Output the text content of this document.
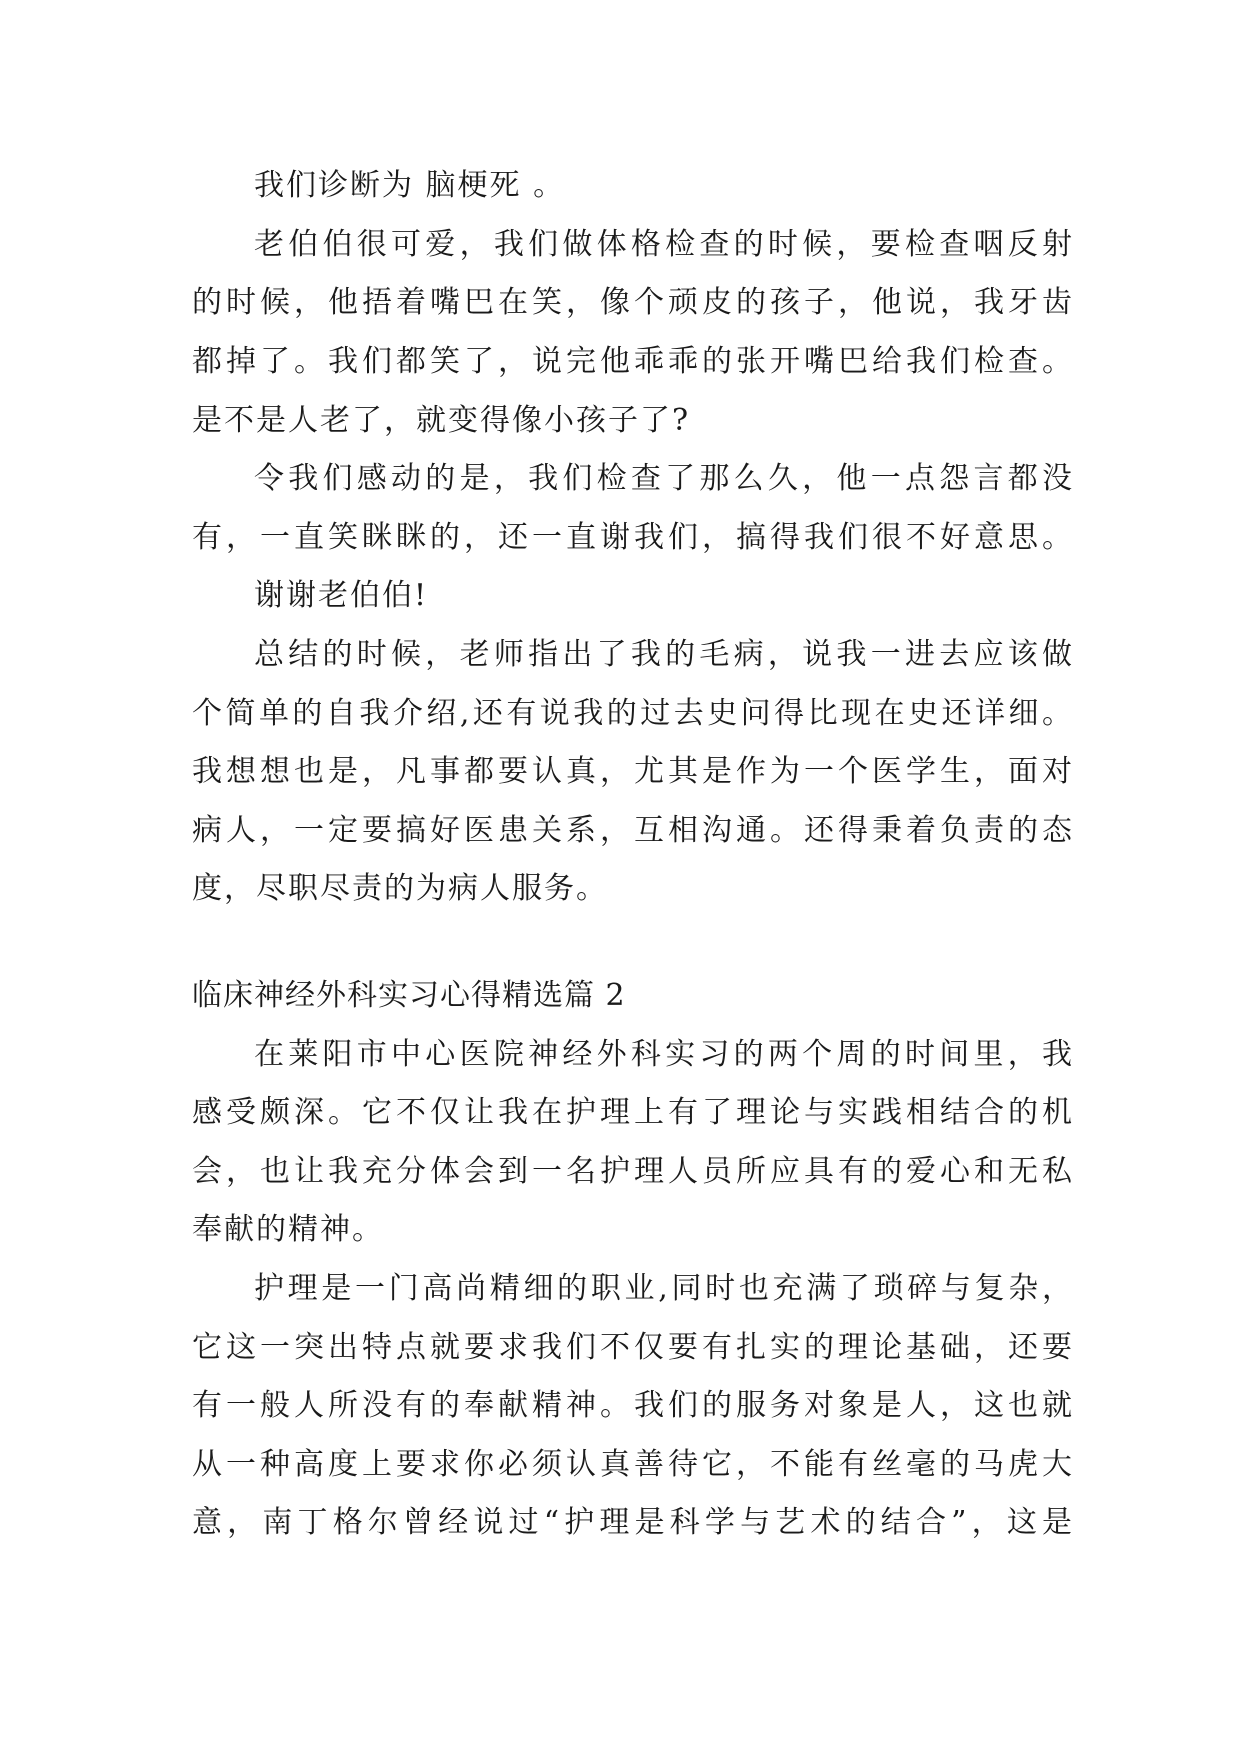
我们诊断为 脑梗死 。

老伯伯很可爱，我们做体格检查的时候，要检查咽反射

的时候，他捂着嘴巴在笑，像个顽皮的孩子，他说，我牙齿

都掉了。我们都笑了，说完他乖乖的张开嘴巴给我们检查。

是不是人老了，就变得像小孩子了?

令我们感动的是，我们检查了那么久，他一点怨言都没

有，一直笑眯眯的，还一直谢我们，搞得我们很不好意思。

谢谢老伯伯!

总结的时候，老师指出了我的毛病，说我一进去应该做

个简单的自我介绍,还有说我的过去史问得比现在史还详细。

我想想也是，凡事都要认真，尤其是作为一个医学生，面对

病人，一定要搞好医患关系，互相沟通。还得秉着负责的态

度，尽职尽责的为病人服务。

临床神经外科实习心得精选篇 2

在莱阳市中心医院神经外科实习的两个周的时间里，我

感受颇深。它不仅让我在护理上有了理论与实践相结合的机

会，也让我充分体会到一名护理人员所应具有的爱心和无私

奉献的精神。

护理是一门高尚精细的职业,同时也充满了琐碎与复杂，

它这一突出特点就要求我们不仅要有扎实的理论基础，还要

有一般人所没有的奉献精神。我们的服务对象是人，这也就

从一种高度上要求你必须认真善待它，不能有丝毫的马虎大

意，南丁格尔曾经说过“护理是科学与艺术的结合”，这是
